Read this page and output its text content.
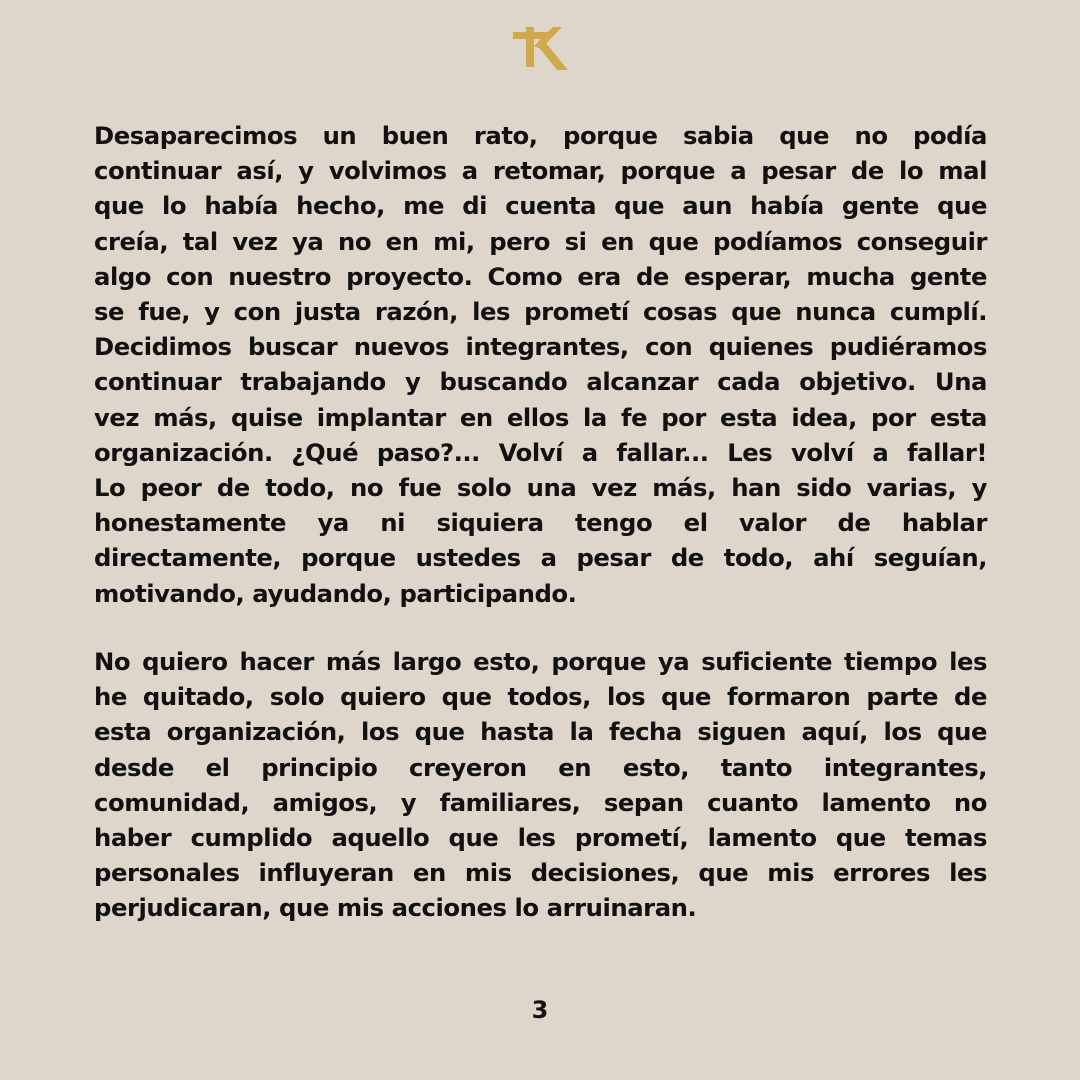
Desaparecimos un buen rato, porque sabia que no podía
continuar así, y volvimos a retomar, porque a pesar de lo mal
que lo había hecho, me di cuenta que aun había gente que
creía, tal vez ya no en mi, pero si en que podíamos conseguir
algo con nuestro proyecto. Como era de esperar, mucha gente
se fue, y con justa razón, les prometí cosas que nunca cumplí.
Decidimos buscar nuevos integrantes, con quienes pudiéramos
continuar trabajando y buscando alcanzar cada objetivo. Una
vez más, quise implantar en ellos la fe por esta idea, por esta
organización. ¿Qué paso?... Volví a fallar... Les volví a fallar!
Lo peor de todo, no fue solo una vez más, han sido varias, y
honestamente ya ni siquiera tengo el valor de hablar
directamente, porque ustedes a pesar de todo, ahí seguían,
motivando, ayudando, participando.
No quiero hacer más largo esto, porque ya suficiente tiempo les
he quitado, solo quiero que todos, los que formaron parte de
esta organización, los que hasta la fecha siguen aquí, los que
desde el principio creyeron en esto, tanto integrantes,
comunidad, amigos, y familiares, sepan cuanto lamento no
haber cumplido aquello que les prometí, lamento que temas
personales influyeran en mis decisiones, que mis errores les
perjudicaran, que mis acciones lo arruinaran.
3
